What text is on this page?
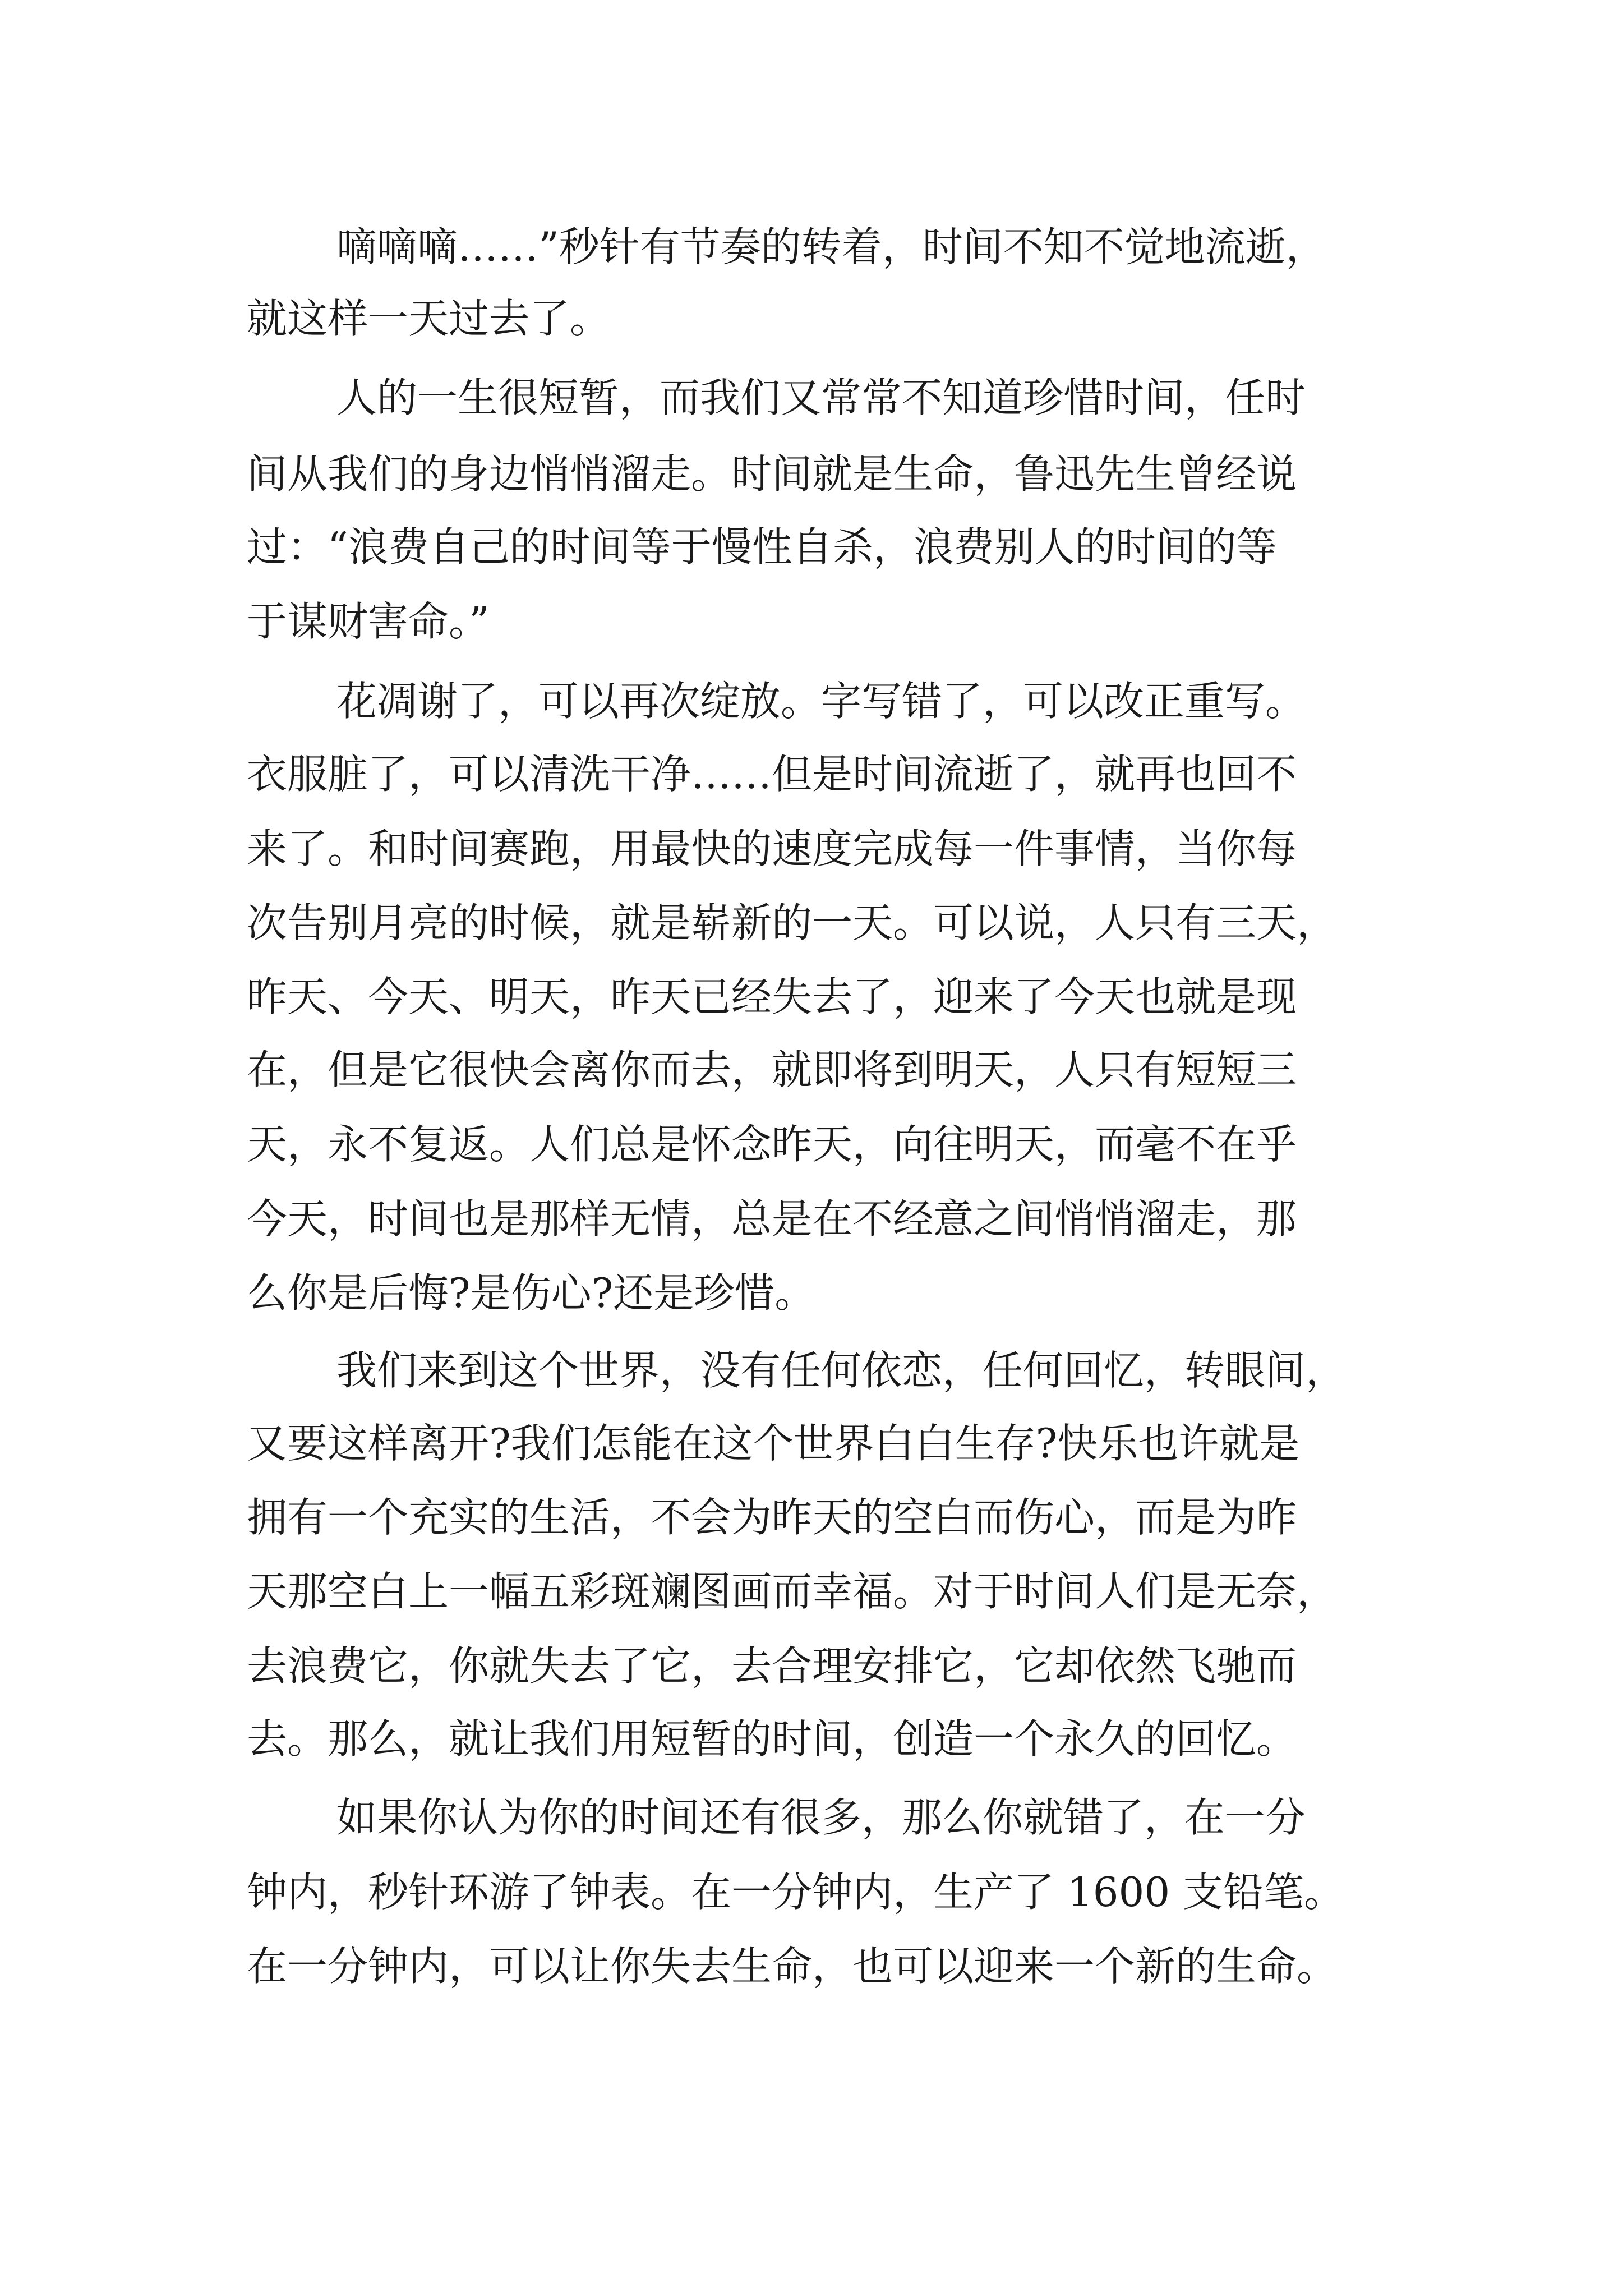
嘀嘀嘀……”秒针有节奏的转着，时间不知不觉地流逝，
就这样一天过去了。
人的一生很短暂，而我们又常常不知道珍惜时间，任时
间从我们的身边悄悄溜走。时间就是生命，鲁迅先生曾经说
过：“浪费自己的时间等于慢性自杀，浪费别人的时间的等
于谋财害命。”
花凋谢了，可以再次绽放。字写错了，可以改正重写。
衣服脏了，可以清洗干净……但是时间流逝了，就再也回不
来了。和时间赛跑，用最快的速度完成每一件事情，当你每
次告别月亮的时候，就是崭新的一天。可以说，人只有三天，
昨天、今天、明天，昨天已经失去了，迎来了今天也就是现
在，但是它很快会离你而去，就即将到明天，人只有短短三
天，永不复返。人们总是怀念昨天，向往明天，而毫不在乎
今天，时间也是那样无情，总是在不经意之间悄悄溜走，那
么你是后悔?是伤心?还是珍惜。
我们来到这个世界，没有任何依恋，任何回忆，转眼间，
又要这样离开?我们怎能在这个世界白白生存?快乐也许就是
拥有一个充实的生活，不会为昨天的空白而伤心，而是为昨
天那空白上一幅五彩斑斓图画而幸福。对于时间人们是无奈，
去浪费它，你就失去了它，去合理安排它，它却依然飞驰而
去。那么，就让我们用短暂的时间，创造一个永久的回忆。
如果你认为你的时间还有很多，那么你就错了，在一分
钟内，秒针环游了钟表。在一分钟内，生产了 1600 支铅笔。
在一分钟内，可以让你失去生命，也可以迎来一个新的生命。
